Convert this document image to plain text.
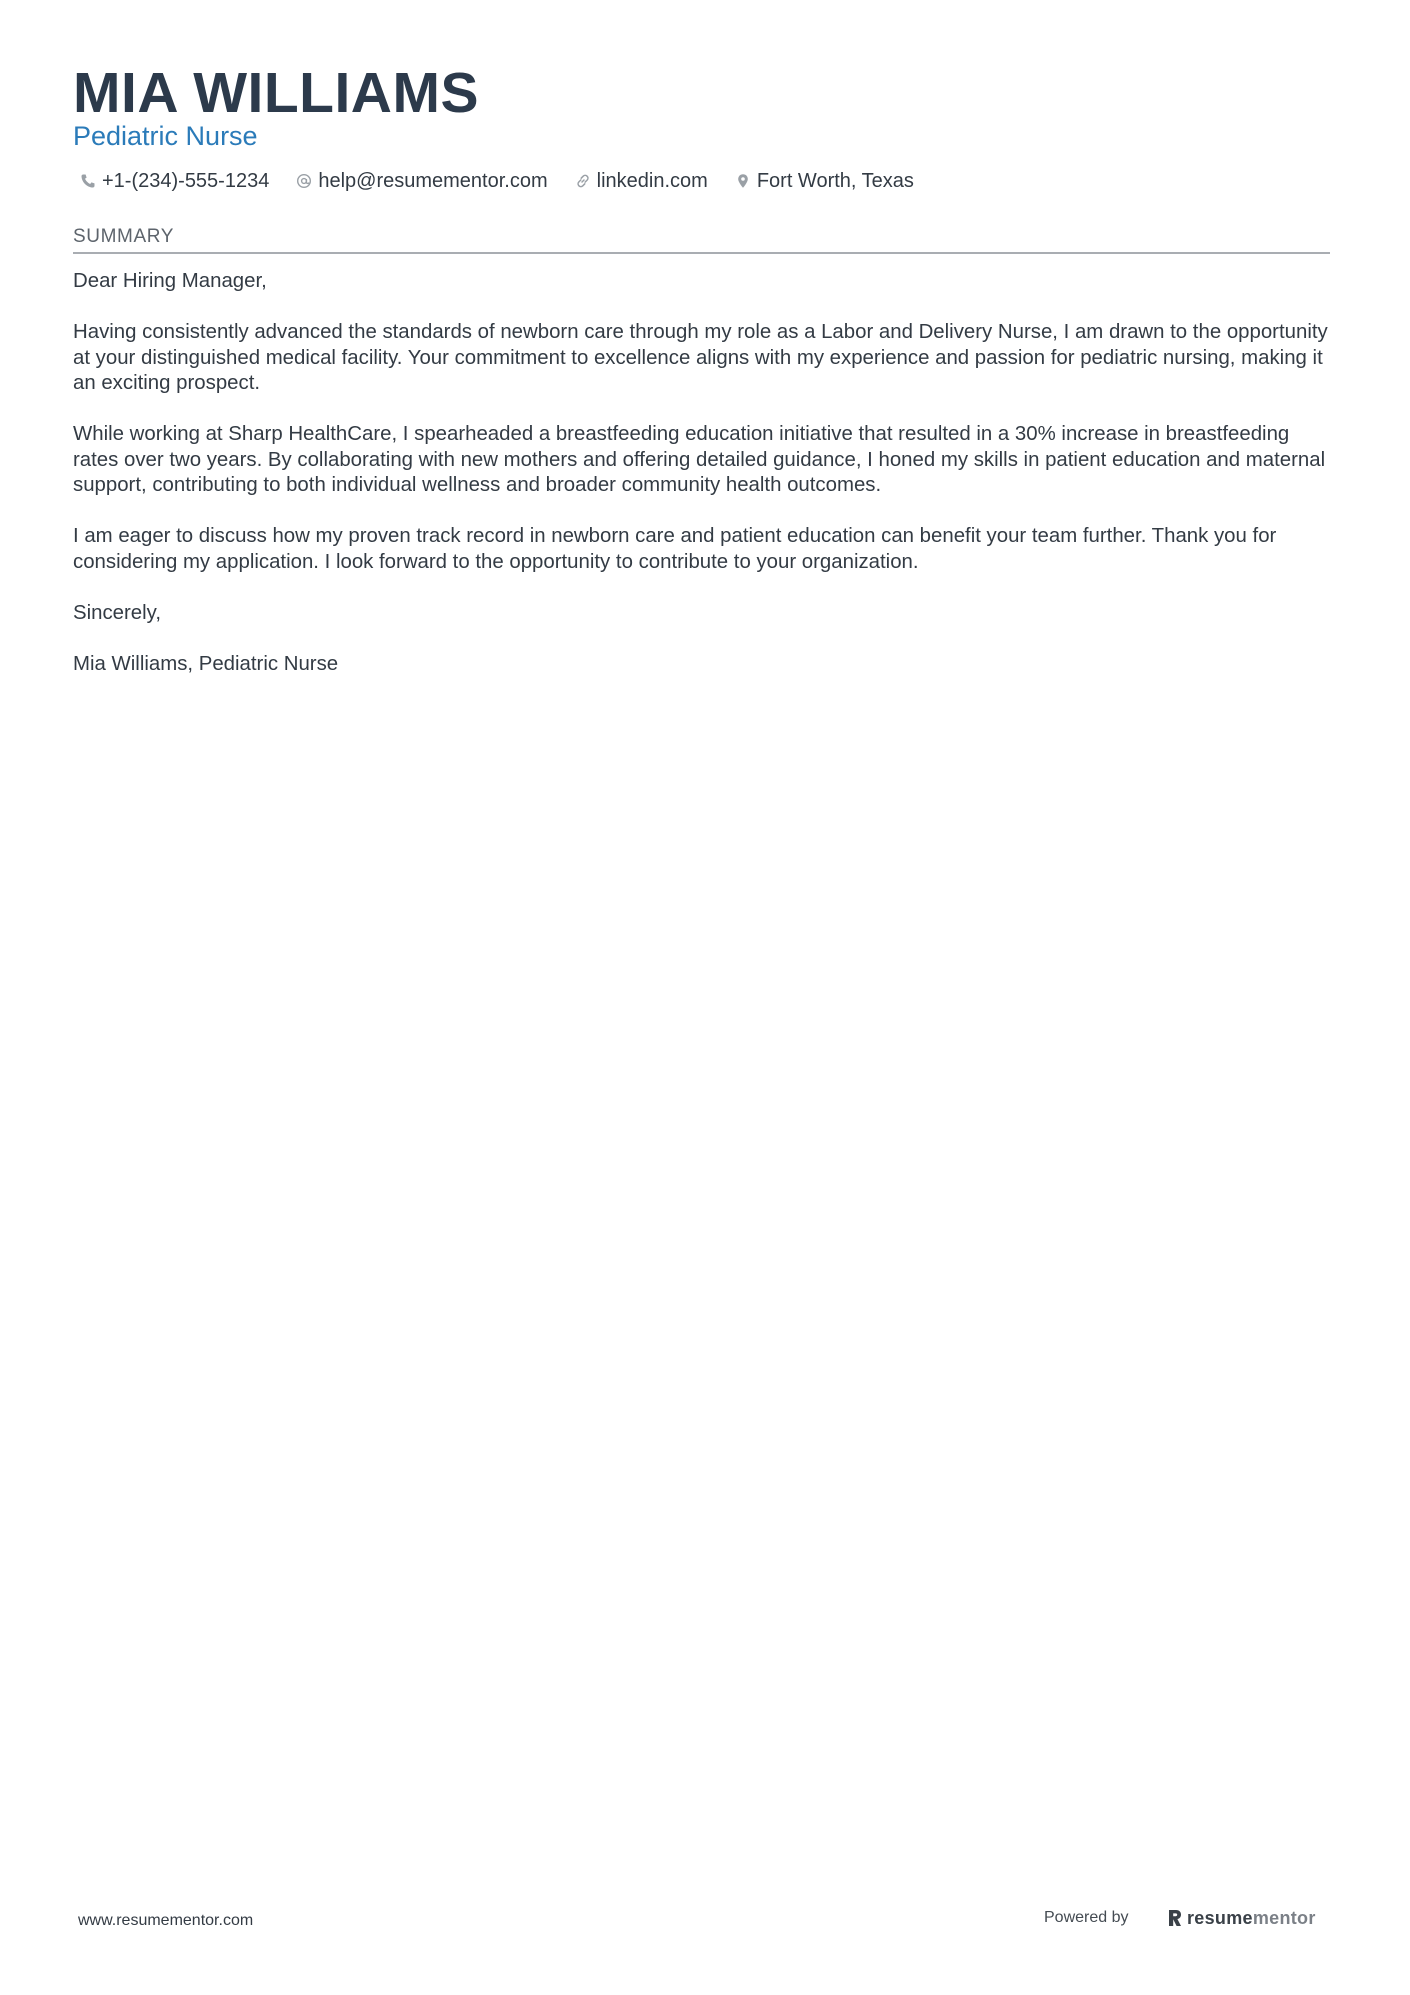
MIA WILLIAMS
Pediatric Nurse
+1-(234)-555-1234 help@resumementor.com linkedin.com Fort Worth, Texas
SUMMARY

Dear Hiring Manager,

Having consistently advanced the standards of newborn care through my role as a Labor and Delivery Nurse, I am drawn to the opportunity at your distinguished medical facility. Your commitment to excellence aligns with my experience and passion for pediatric nursing, making it an exciting prospect.

While working at Sharp HealthCare, I spearheaded a breastfeeding education initiative that resulted in a 30% increase in breastfeeding rates over two years. By collaborating with new mothers and offering detailed guidance, I honed my skills in patient education and maternal support, contributing to both individual wellness and broader community health outcomes.

I am eager to discuss how my proven track record in newborn care and patient education can benefit your team further. Thank you for considering my application. I look forward to the opportunity to contribute to your organization.

Sincerely,

Mia Williams, Pediatric Nurse

www.resumementor.com	Powered by	resumementor
